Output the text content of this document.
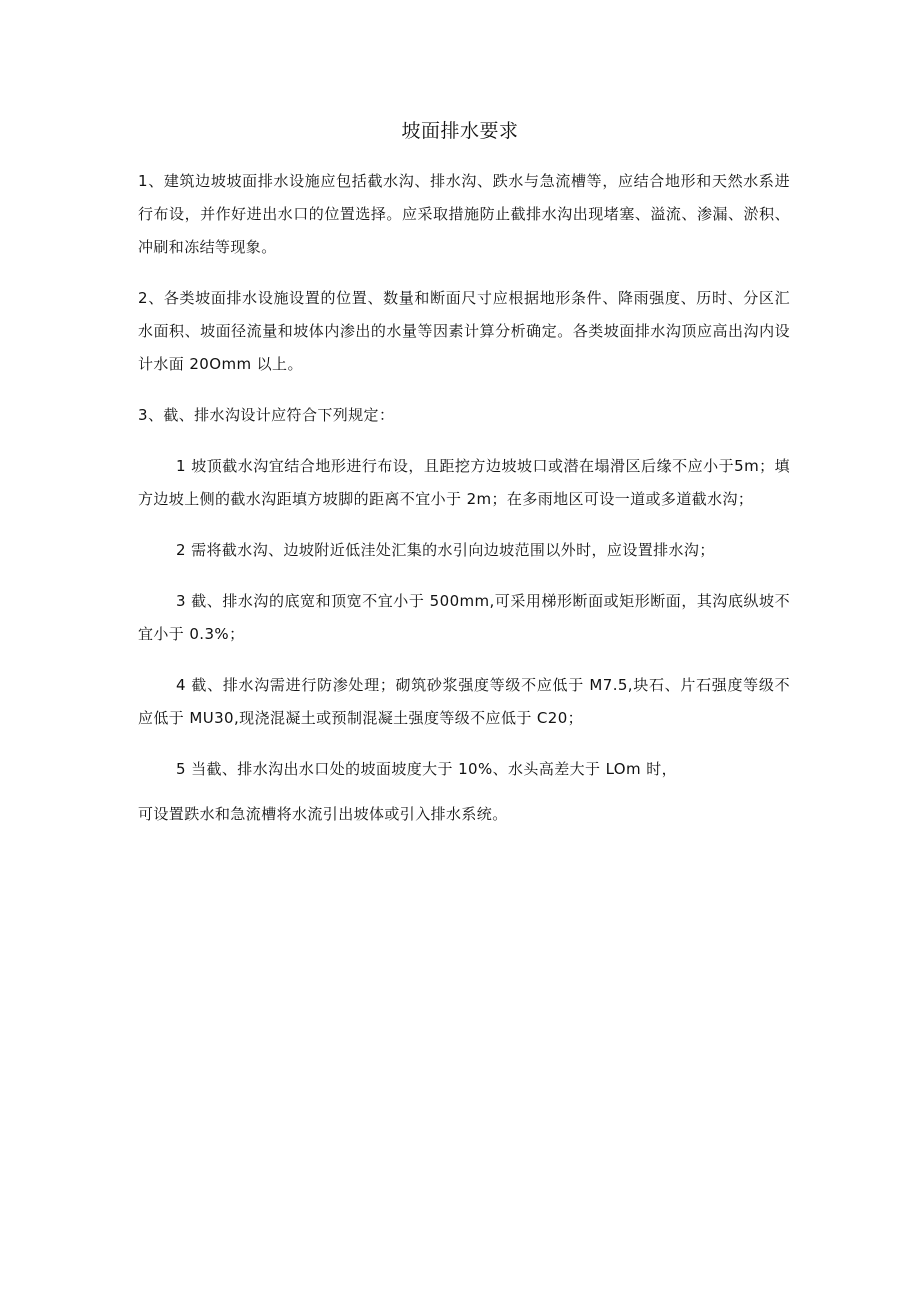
坡面排水要求

1、建筑边坡坡面排水设施应包括截水沟、排水沟、跌水与急流槽等，应结合地形和天然水系进行布设，并作好进出水口的位置选择。应采取措施防止截排水沟出现堵塞、溢流、渗漏、淤积、冲刷和冻结等现象。

2、各类坡面排水设施设置的位置、数量和断面尺寸应根据地形条件、降雨强度、历时、分区汇水面积、坡面径流量和坡体内渗出的水量等因素计算分析确定。各类坡面排水沟顶应高出沟内设计水面 20Omm 以上。

3、截、排水沟设计应符合下列规定：

1 坡顶截水沟宜结合地形进行布设，且距挖方边坡坡口或潜在塌滑区后缘不应小于5m；填方边坡上侧的截水沟距填方坡脚的距离不宜小于 2m；在多雨地区可设一道或多道截水沟；

2 需将截水沟、边坡附近低洼处汇集的水引向边坡范围以外时，应设置排水沟；

3 截、排水沟的底宽和顶宽不宜小于 500mm,可采用梯形断面或矩形断面，其沟底纵坡不宜小于 0.3%；

4 截、排水沟需进行防渗处理；砌筑砂浆强度等级不应低于 M7.5,块石、片石强度等级不应低于 MU30,现浇混凝土或预制混凝土强度等级不应低于 C20；

5 当截、排水沟出水口处的坡面坡度大于 10%、水头高差大于 LOm 时，

可设置跌水和急流槽将水流引出坡体或引入排水系统。
